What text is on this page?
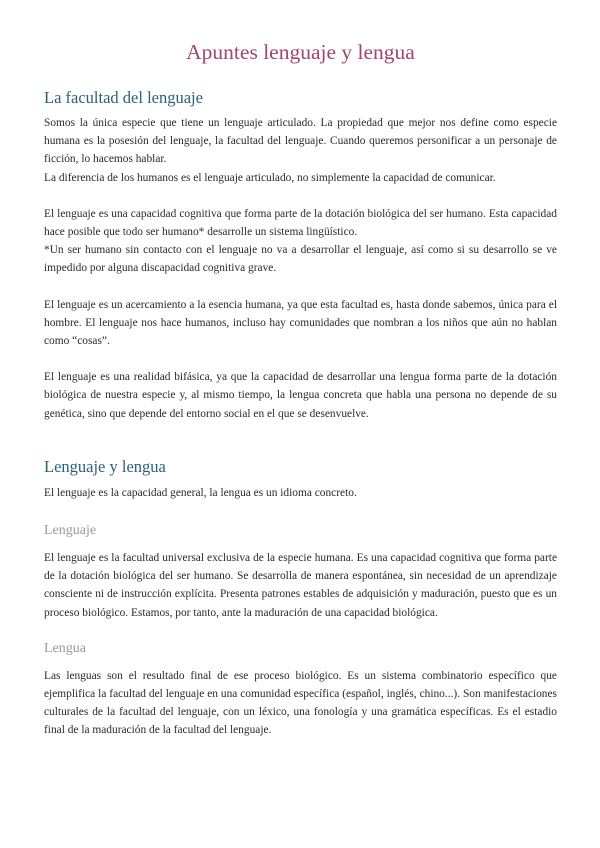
Apuntes lenguaje y lengua
La facultad del lenguaje

Somos la única especie que tiene un lenguaje articulado. La propiedad que mejor nos define como especie humana es la posesión del lenguaje, la facultad del lenguaje. Cuando queremos personificar a un personaje de ficción, lo hacemos hablar.

La diferencia de los humanos es el lenguaje articulado, no simplemente la capacidad de comunicar.

El lenguaje es una capacidad cognitiva que forma parte de la dotación biológica del ser humano. Esta capacidad hace posible que todo ser humano* desarrolle un sistema lingüístico.

*Un ser humano sin contacto con el lenguaje no va a desarrollar el lenguaje, así como si su desarrollo se ve impedido por alguna discapacidad cognitiva grave.

El lenguaje es un acercamiento a la esencia humana, ya que esta facultad es, hasta donde sabemos, única para el hombre. El lenguaje nos hace humanos, incluso hay comunidades que nombran a los niños que aún no hablan como “cosas”.

El lenguaje es una realidad bifásica, ya que la capacidad de desarrollar una lengua forma parte de la dotación biológica de nuestra especie y, al mismo tiempo, la lengua concreta que habla una persona no depende de su genética, sino que depende del entorno social en el que se desenvuelve.

Lenguaje y lengua

El lenguaje es la capacidad general, la lengua es un idioma concreto.

Lenguaje

El lenguaje es la facultad universal exclusiva de la especie humana. Es una capacidad cognitiva que forma parte de la dotación biológica del ser humano. Se desarrolla de manera espontánea, sin necesidad de un aprendizaje consciente ni de instrucción explícita. Presenta patrones estables de adquisición y maduración, puesto que es un proceso biológico. Estamos, por tanto, ante la maduración de una capacidad biológica.

Lengua

Las lenguas son el resultado final de ese proceso biológico. Es un sistema combinatorio específico que ejemplifica la facultad del lenguaje en una comunidad específica (español, inglés, chino...). Son manifestaciones culturales de la facultad del lenguaje, con un léxico, una fonología y una gramática específicas. Es el estadio final de la maduración de la facultad del lenguaje.
